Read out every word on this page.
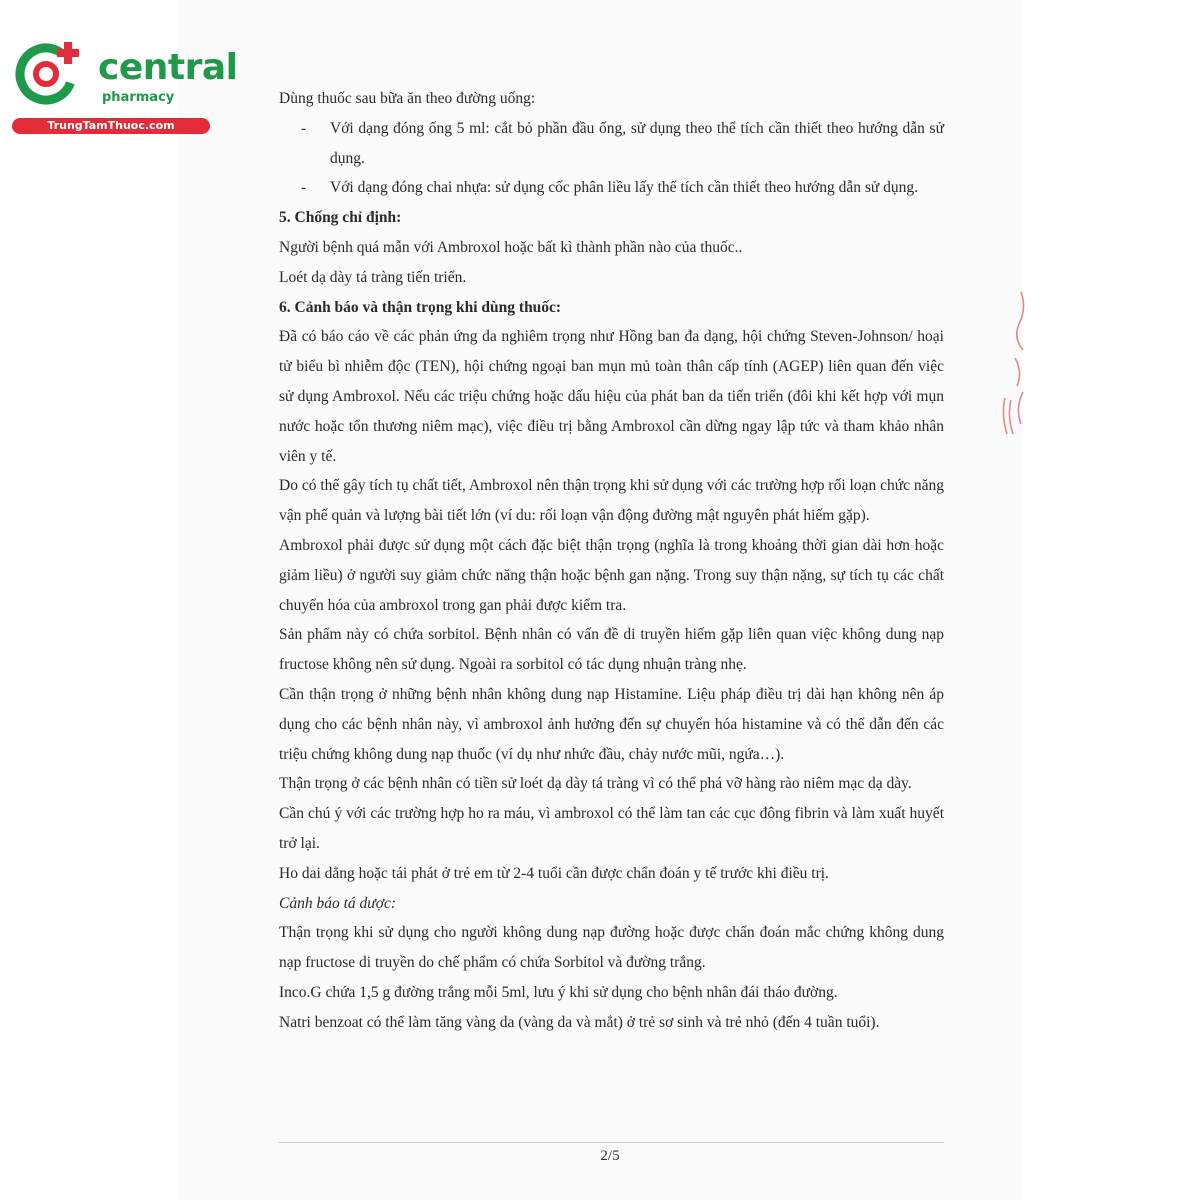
central
pharmacy
TrungTamThuoc.com

Dùng thuốc sau bữa ăn theo đường uống:

- Với dạng đóng ống 5 ml: cắt bỏ phần đầu ống, sử dụng theo thể tích cần thiết theo hướng dẫn sử dụng.
- Với dạng đóng chai nhựa: sử dụng cốc phân liều lấy thể tích cần thiết theo hướng dẫn sử dụng.

5. Chống chỉ định:

Người bệnh quá mẫn với Ambroxol hoặc bất kì thành phần nào của thuốc..

Loét dạ dày tá tràng tiến triển.

6. Cảnh báo và thận trọng khi dùng thuốc:

Đã có báo cáo về các phản ứng da nghiêm trọng như Hồng ban đa dạng, hội chứng Steven-Johnson/ hoại tử biểu bì nhiễm độc (TEN), hội chứng ngoại ban mụn mủ toàn thân cấp tính (AGEP) liên quan đến việc sử dụng Ambroxol. Nếu các triệu chứng hoặc dấu hiệu của phát ban da tiến triển (đôi khi kết hợp với mụn nước hoặc tổn thương niêm mạc), việc điều trị bằng Ambroxol cần dừng ngay lập tức và tham khảo nhân viên y tế.

Do có thể gây tích tụ chất tiết, Ambroxol nên thận trọng khi sử dụng với các trường hợp rối loạn chức năng vận phế quản và lượng bài tiết lớn (ví du: rối loạn vận động đường mật nguyên phát hiếm gặp).

Ambroxol phải được sử dụng một cách đặc biệt thận trọng (nghĩa là trong khoảng thời gian dài hơn hoặc giảm liều) ở người suy giảm chức năng thận hoặc bệnh gan nặng. Trong suy thận nặng, sự tích tụ các chất chuyển hóa của ambroxol trong gan phải được kiểm tra.

Sản phẩm này có chứa sorbitol. Bệnh nhân có vấn đề di truyền hiếm gặp liên quan việc không dung nạp fructose không nên sử dụng. Ngoài ra sorbitol có tác dụng nhuận tràng nhẹ.

Cần thận trọng ở những bệnh nhân không dung nạp Histamine. Liệu pháp điều trị dài hạn không nên áp dụng cho các bệnh nhân này, vì ambroxol ảnh hưởng đến sự chuyển hóa histamine và có thể dẫn đến các triệu chứng không dung nạp thuốc (ví dụ như nhức đầu, chảy nước mũi, ngứa…).

Thận trọng ở các bệnh nhân có tiền sử loét dạ dày tá tràng vì có thể phá vỡ hàng rào niêm mạc dạ dày.

Cần chú ý với các trường hợp ho ra máu, vì ambroxol có thể làm tan các cục đông fibrin và làm xuất huyết trở lại.

Ho dai dẳng hoặc tái phát ở trẻ em từ 2-4 tuổi cần được chẩn đoán y tế trước khi điều trị.

Cảnh báo tá dược:

Thận trọng khi sử dụng cho người không dung nạp đường hoặc được chẩn đoán mắc chứng không dung nạp fructose di truyền do chế phẩm có chứa Sorbitol và đường trắng.

Inco.G chứa 1,5 g đường trắng mỗi 5ml, lưu ý khi sử dụng cho bệnh nhân đái tháo đường.

Natri benzoat có thể làm tăng vàng da (vàng da và mắt) ở trẻ sơ sinh và trẻ nhỏ (đến 4 tuần tuổi).

2/5
